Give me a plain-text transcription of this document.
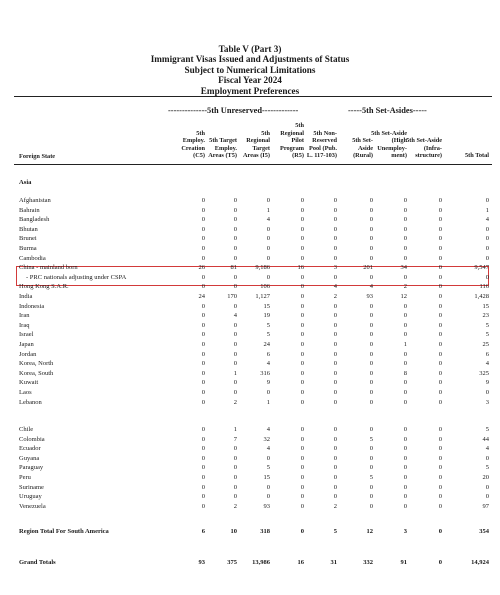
Table V (Part 3)
Immigrant Visas Issued and Adjustments of Status
Subject to Numerical Limitations
Fiscal Year 2024
Employment Preferences
--------------5th Unreserved-------------	-----5th Set-Asides-----
Foreign State
5th
Employ.
Creation
(C5)
5th Target
Employ.
Areas (T5)
5th
Regional
Target
Areas (I5)
5th
Regional
Pilot
Program
(R5)
5th Non-
Reserved
Pool (Pub.
L. 117-103)
5th Set-
Aside
(Rural)
5th Set-Aside
(High
Unemploy-
ment)
5th Set-Aside
(Infra-
structure)	5th Total
Asia
Afghanistan	0	0	0	0	0	0	0	0	0
Bahrain	0	0	1	0	0	0	0	0	1
Bangladesh	0	0	4	0	0	0	0	0	4
Bhutan	0	0	0	0	0	0	0	0	0
Brunei	0	0	0	0	0	0	0	0	0
Burma	0	0	0	0	0	0	0	0	0
Cambodia	0	0	0	0	0	0	0	0	0
China - mainland born	26	81	9,186	16	3	201	34	0	9,547
- PRC nationals adjusting under CSPA	0	0	0	0	0	0	0	0	0
Hong Kong S.A.R.	0	0	106	0	4	4	2	0	116
India	24	170	1,127	0	2	93	12	0	1,428
Indonesia	0	0	15	0	0	0	0	0	15
Iran	0	4	19	0	0	0	0	0	23
Iraq	0	0	5	0	0	0	0	0	5
Israel	0	0	5	0	0	0	0	0	5
Japan	0	0	24	0	0	0	1	0	25
Jordan	0	0	6	0	0	0	0	0	6
Korea, North	0	0	4	0	0	0	0	0	4
Korea, South	0	1	316	0	0	0	8	0	325
Kuwait	0	0	9	0	0	0	0	0	9
Laos	0	0	0	0	0	0	0	0	0
Lebanon	0	2	1	0	0	0	0	0	3
Chile	0	1	4	0	0	0	0	0	5
Colombia	0	7	32	0	0	5	0	0	44
Ecuador	0	0	4	0	0	0	0	0	4
Guyana	0	0	0	0	0	0	0	0	0
Paraguay	0	0	5	0	0	0	0	0	5
Peru	0	0	15	0	0	5	0	0	20
Suriname	0	0	0	0	0	0	0	0	0
Uruguay	0	0	0	0	0	0	0	0	0
Venezuela	0	2	93	0	2	0	0	0	97
Region Total For South America	6	10	318	0	5	12	3	0	354
Grand Totals	93	375 13,986	16	31	332	91	0	14,924
